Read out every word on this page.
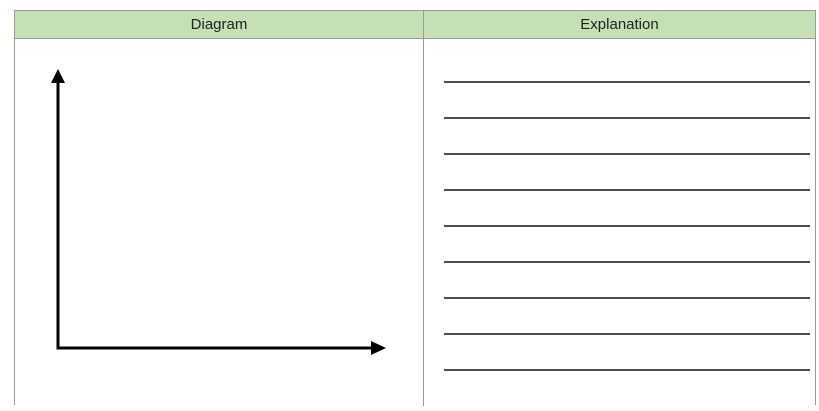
Diagram	Explanation
